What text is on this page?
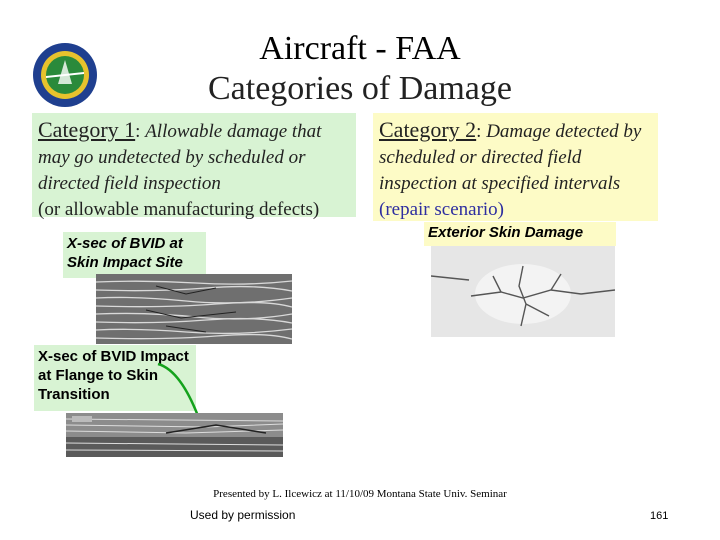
Aircraft - FAA
Categories of Damage
Category 1: Allowable damage that may go undetected by scheduled or directed field inspection
(or allowable manufacturing defects)
Category 2: Damage detected by scheduled or directed field inspection at specified intervals
(repair scenario)
X-sec of BVID at Skin Impact Site
X-sec of BVID Impact at Flange to Skin Transition
Exterior Skin Damage
Presented by L. Ilcewicz at 11/10/09 Montana State Univ. Seminar
Used by permission	161
